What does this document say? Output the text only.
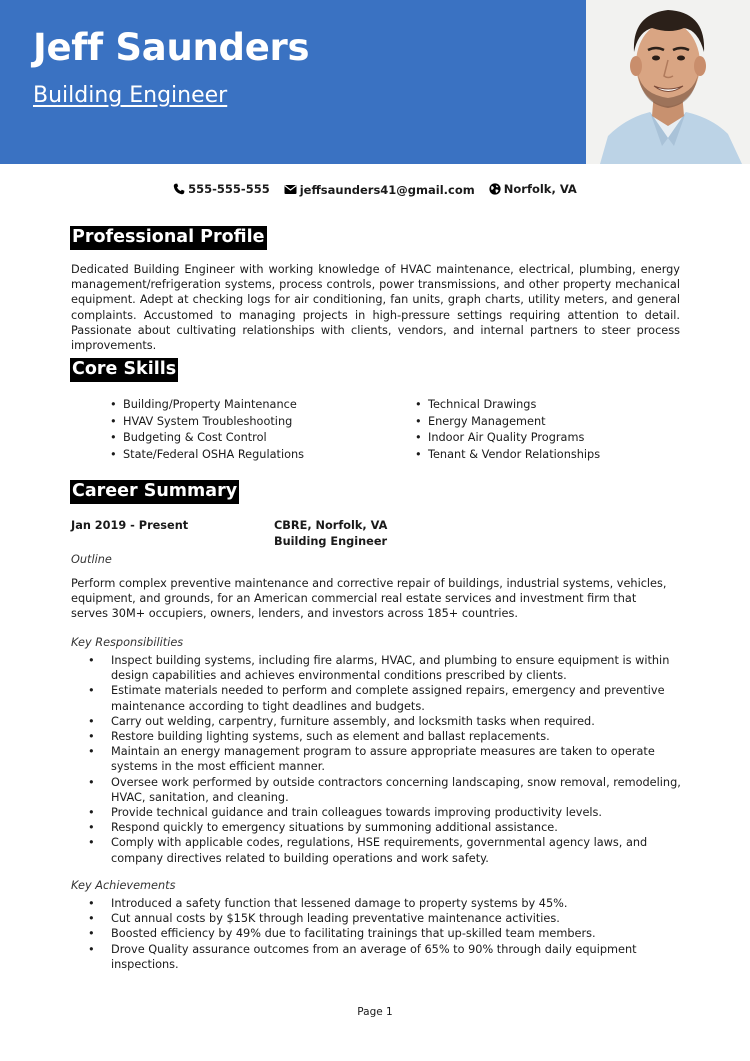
Jeff Saunders
Building Engineer
555-555-555
	jeffsaunders41@gmail.com
	Norfolk, VA
Professional Profile
Dedicated Building Engineer with working knowledge of HVAC maintenance, electrical, plumbing, energy management/refrigeration systems, process controls, power transmissions, and other property mechanical equipment. Adept at checking logs for air conditioning, fan units, graph charts, utility meters, and general complaints. Accustomed to managing projects in high-pressure settings requiring attention to detail. Passionate about cultivating relationships with clients, vendors, and internal partners to steer process improvements.
Core Skills
• Building/Property Maintenance
• HVAV System Troubleshooting
• Budgeting & Cost Control
• State/Federal OSHA Regulations
• Technical Drawings
• Energy Management
• Indoor Air Quality Programs
• Tenant & Vendor Relationships
Career Summary
Jan 2019 - Present	CBRE, Norfolk, VA
Building Engineer
Outline
Perform complex preventive maintenance and corrective repair of buildings, industrial systems, vehicles, equipment, and grounds, for an American commercial real estate services and investment firm that serves 30M+ occupiers, owners, lenders, and investors across 185+ countries.
Key Responsibilities
• Inspect building systems, including fire alarms, HVAC, and plumbing to ensure equipment is within design capabilities and achieves environmental conditions prescribed by clients.
• Estimate materials needed to perform and complete assigned repairs, emergency and preventive maintenance according to tight deadlines and budgets.
• Carry out welding, carpentry, furniture assembly, and locksmith tasks when required.
• Restore building lighting systems, such as element and ballast replacements.
• Maintain an energy management program to assure appropriate measures are taken to operate systems in the most efficient manner.
• Oversee work performed by outside contractors concerning landscaping, snow removal, remodeling, HVAC, sanitation, and cleaning.
• Provide technical guidance and train colleagues towards improving productivity levels.
• Respond quickly to emergency situations by summoning additional assistance.
• Comply with applicable codes, regulations, HSE requirements, governmental agency laws, and company directives related to building operations and work safety.
Key Achievements
• Introduced a safety function that lessened damage to property systems by 45%.
• Cut annual costs by $15K through leading preventative maintenance activities.
• Boosted efficiency by 49% due to facilitating trainings that up-skilled team members.
• Drove Quality assurance outcomes from an average of 65% to 90% through daily equipment inspections.
Page 1
